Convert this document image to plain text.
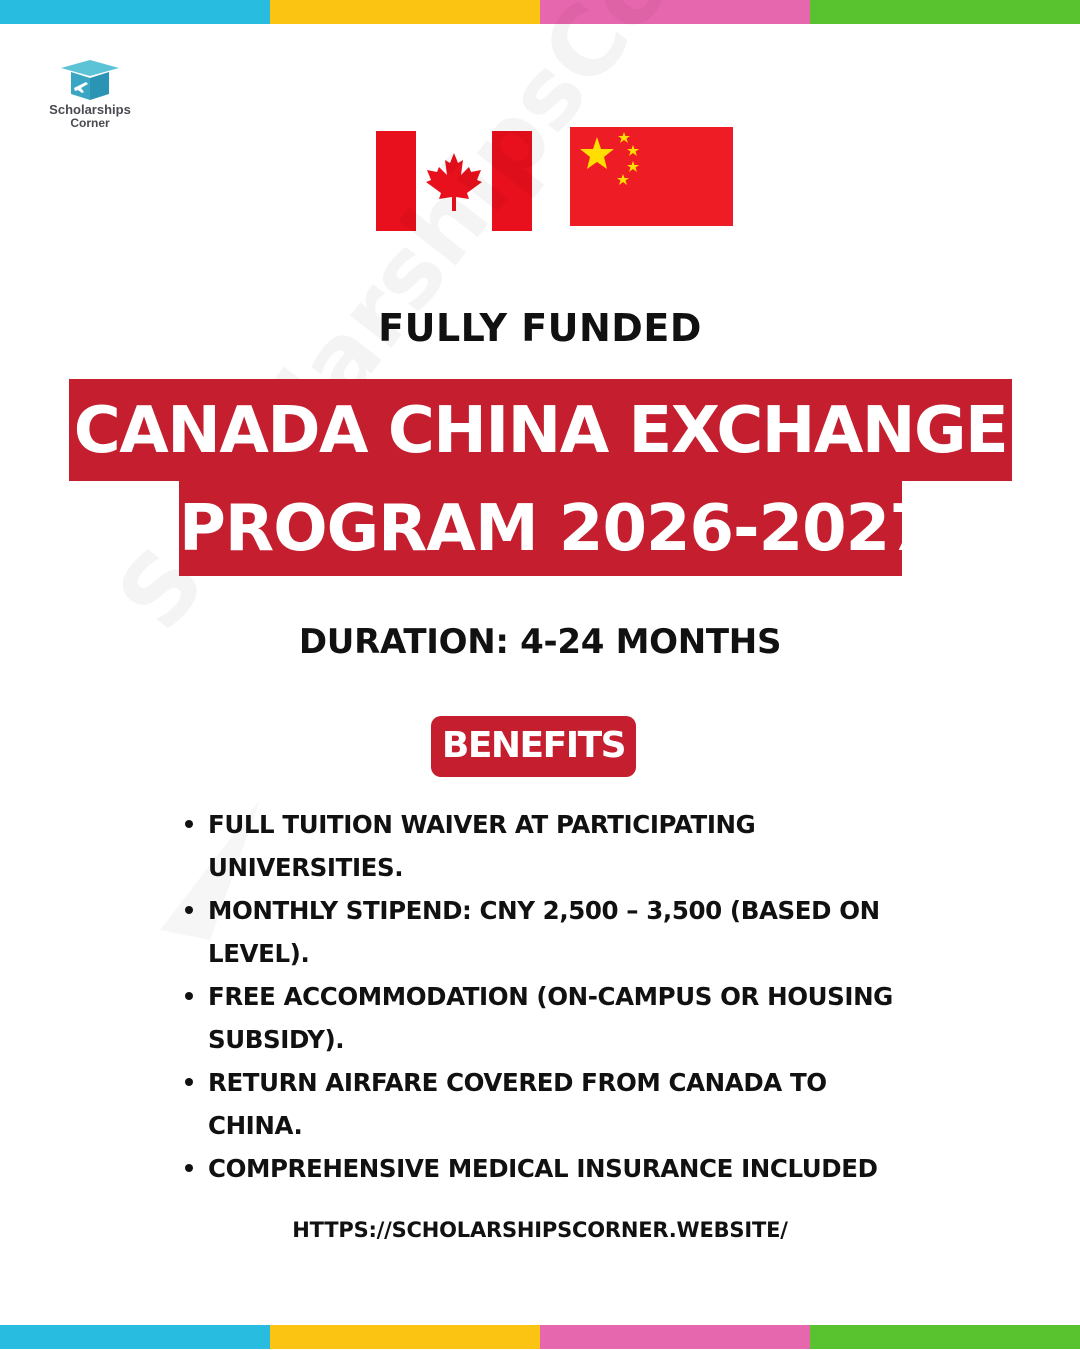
Scholarships
Corner
FULLY FUNDED
CANADA CHINA EXCHANGE
PROGRAM 2026-2027
DURATION: 4-24 MONTHS
BENEFITS
FULL TUITION WAIVER AT PARTICIPATING
UNIVERSITIES.
MONTHLY STIPEND: CNY 2,500 – 3,500 (BASED ON
LEVEL).
FREE ACCOMMODATION (ON-CAMPUS OR HOUSING
SUBSIDY).
RETURN AIRFARE COVERED FROM CANADA TO
CHINA.
COMPREHENSIVE MEDICAL INSURANCE INCLUDED
HTTPS://SCHOLARSHIPSCORNER.WEBSITE/
